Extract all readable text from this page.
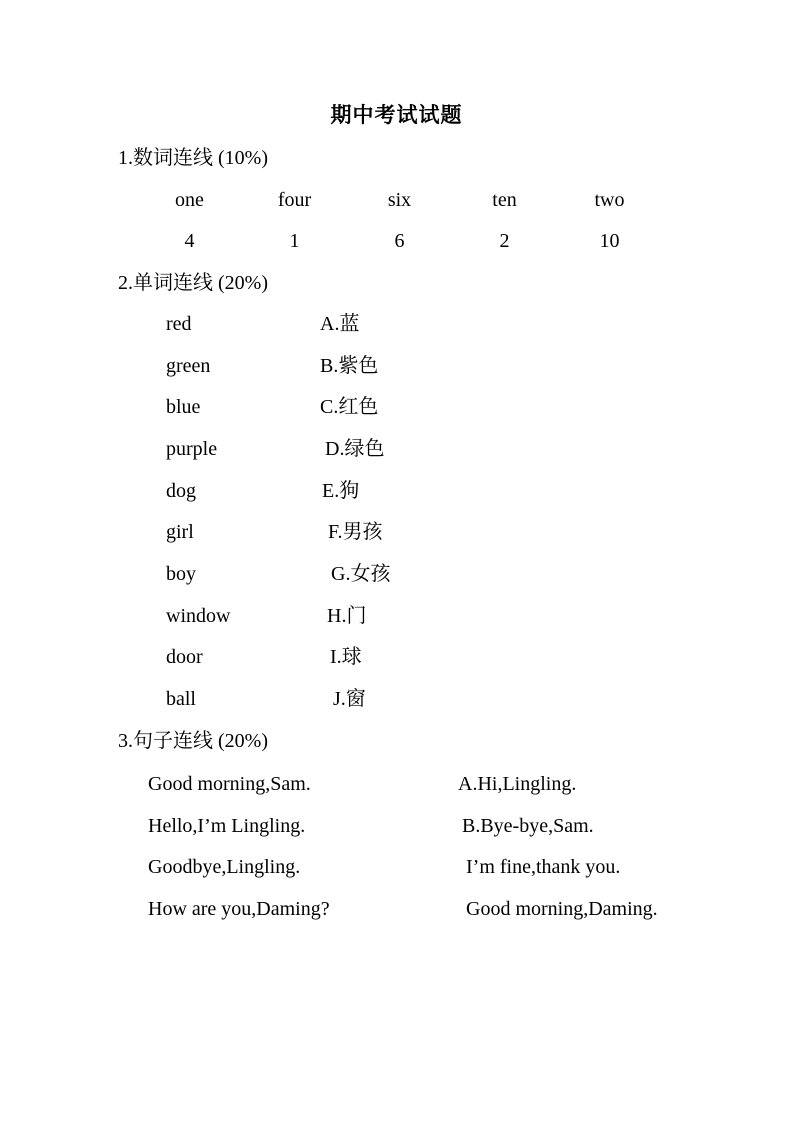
期中考试试题
1.数词连线 (10%)
one	four	six	ten	two
4	1	6	2	10
2.单词连线 (20%)
red	A.蓝
green	B.紫色
blue	C.红色
purple	D.绿色
dog	E.狗
girl	F.男孩
boy	G.女孩
window	H.门
door	I.球
ball	J.窗
3.句子连线 (20%)
Good morning,Sam.	A.Hi,Lingling.
Hello,I’m Lingling.	B.Bye-bye,Sam.
Goodbye,Lingling.	I’m fine,thank you.
How are you,Daming?	Good morning,Daming.
